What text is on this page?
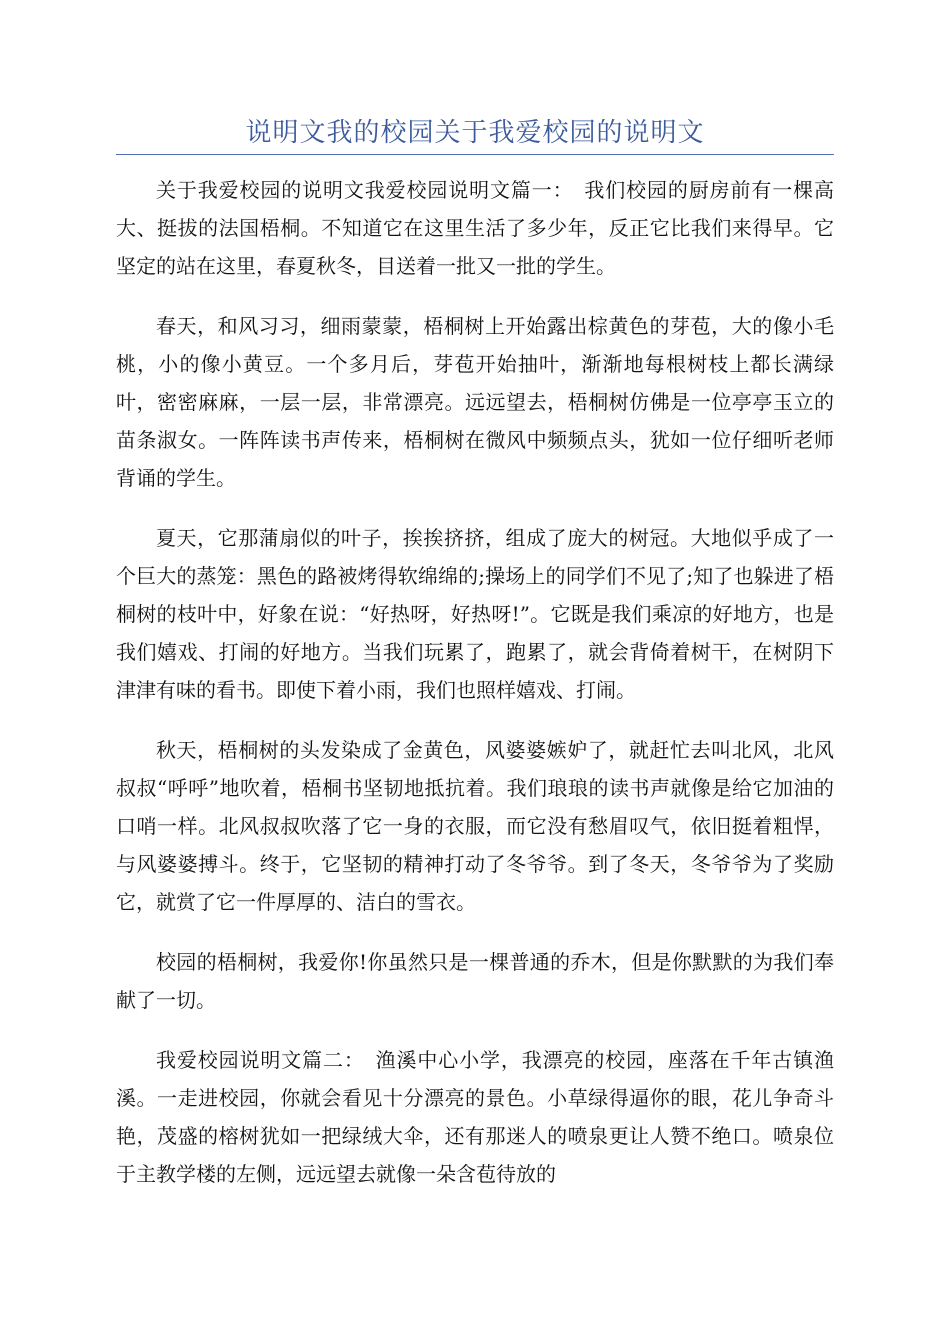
说明文我的校园关于我爱校园的说明文

关于我爱校园的说明文我爱校园说明文篇一：　我们校园的厨房前有一棵高大、挺拔的法国梧桐。不知道它在这里生活了多少年，反正它比我们来得早。它坚定的站在这里，春夏秋冬，目送着一批又一批的学生。

春天，和风习习，细雨蒙蒙，梧桐树上开始露出棕黄色的芽苞，大的像小毛桃，小的像小黄豆。一个多月后，芽苞开始抽叶，渐渐地每根树枝上都长满绿叶，密密麻麻，一层一层，非常漂亮。远远望去，梧桐树仿佛是一位亭亭玉立的苗条淑女。一阵阵读书声传来，梧桐树在微风中频频点头，犹如一位仔细听老师背诵的学生。

夏天，它那蒲扇似的叶子，挨挨挤挤，组成了庞大的树冠。大地似乎成了一个巨大的蒸笼：黑色的路被烤得软绵绵的;操场上的同学们不见了;知了也躲进了梧桐树的枝叶中，好象在说：“好热呀，好热呀!”。它既是我们乘凉的好地方，也是我们嬉戏、打闹的好地方。当我们玩累了，跑累了，就会背倚着树干，在树阴下津津有味的看书。即使下着小雨，我们也照样嬉戏、打闹。

秋天，梧桐树的头发染成了金黄色，风婆婆嫉妒了，就赶忙去叫北风，北风叔叔“呼呼”地吹着，梧桐书坚韧地抵抗着。我们琅琅的读书声就像是给它加油的口哨一样。北风叔叔吹落了它一身的衣服，而它没有愁眉叹气，依旧挺着粗悍，与风婆婆搏斗。终于，它坚韧的精神打动了冬爷爷。到了冬天，冬爷爷为了奖励它，就赏了它一件厚厚的、洁白的雪衣。

校园的梧桐树，我爱你!你虽然只是一棵普通的乔木，但是你默默的为我们奉献了一切。

我爱校园说明文篇二：　渔溪中心小学，我漂亮的校园，座落在千年古镇渔溪。一走进校园，你就会看见十分漂亮的景色。小草绿得逼你的眼，花儿争奇斗艳，茂盛的榕树犹如一把绿绒大伞，还有那迷人的喷泉更让人赞不绝口。喷泉位于主教学楼的左侧，远远望去就像一朵含苞待放的
